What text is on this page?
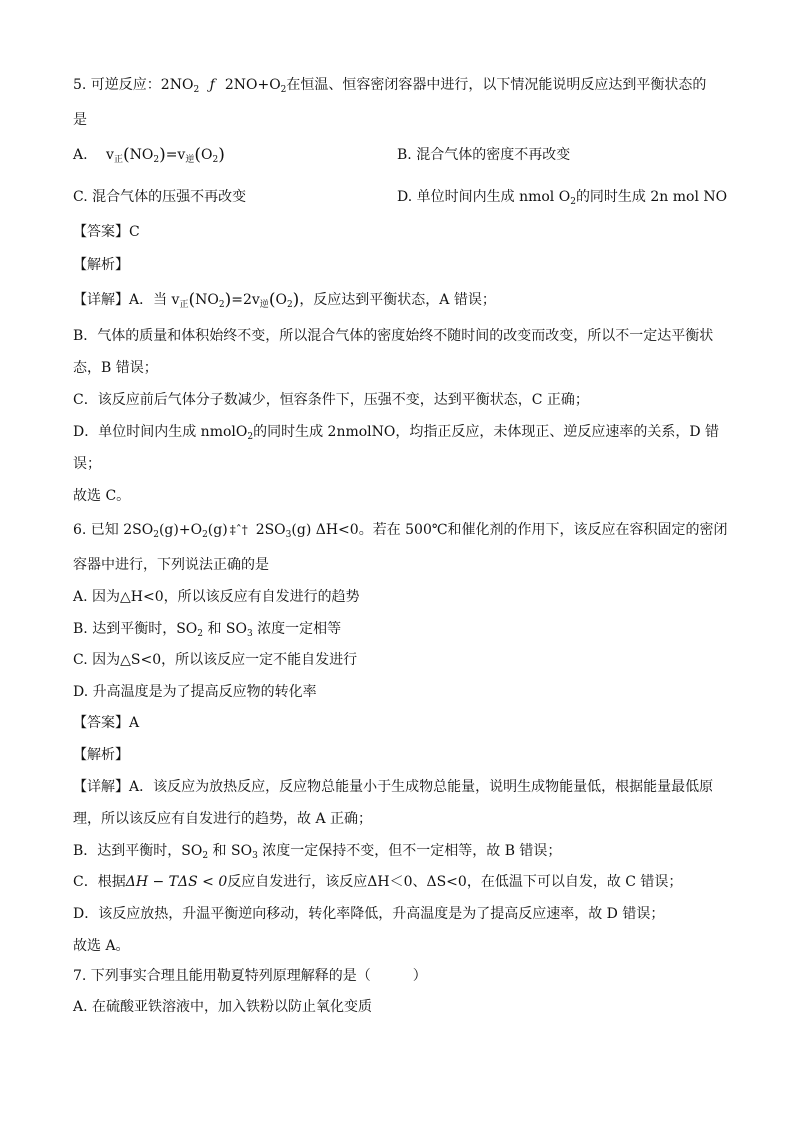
5. 可逆反应：$2NO_2$ ƒ $2NO+O_2$在恒温、恒容密闭容器中进行，以下情况能说明反应达到平衡状态的
是
A. $v_正(NO_2)=v_逆(O_2)$	B. 混合气体的密度不再改变
C. 混合气体的压强不再改变	D. 单位时间内生成 nmol $O_2$的同时生成 2n mol NO
【答案】C
【解析】
【详解】A．当 $v_正(NO_2)=2v_逆(O_2)$，反应达到平衡状态，A 错误；
B．气体的质量和体积始终不变，所以混合气体的密度始终不随时间的改变而改变，所以不一定达平衡状
态，B 错误；
C．该反应前后气体分子数减少，恒容条件下，压强不变，达到平衡状态，C 正确；
D．单位时间内生成 nmolO$_2$的同时生成 2nmolNO，均指正反应，未体现正、逆反应速率的关系，D 错
误；
故选 C。
6. 已知 $2SO_2(g)+O_2(g)$ ‡ˆ† $2SO_3(g)$ ΔH<0。若在 500℃和催化剂的作用下，该反应在容积固定的密闭
容器中进行，下列说法正确的是
A. 因为△H<0，所以该反应有自发进行的趋势
B. 达到平衡时，$SO_2$ 和 $SO_3$ 浓度一定相等
C. 因为△S<0，所以该反应一定不能自发进行
D. 升高温度是为了提高反应物的转化率
【答案】A
【解析】
【详解】A．该反应为放热反应，反应物总能量小于生成物总能量，说明生成物能量低，根据能量最低原
理，所以该反应有自发进行的趋势，故 A 正确；
B．达到平衡时，$SO_2$ 和 $SO_3$ 浓度一定保持不变，但不一定相等，故 B 错误；
C．根据ΔH − TΔS < 0反应自发进行，该反应ΔH＜0、ΔS<0，在低温下可以自发，故 C 错误；
D．该反应放热，升温平衡逆向移动，转化率降低，升高温度是为了提高反应速率，故 D 错误；
故选 A。
7. 下列事实合理且能用勒夏特列原理解释的是（　　　）
A. 在硫酸亚铁溶液中，加入铁粉以防止氧化变质
